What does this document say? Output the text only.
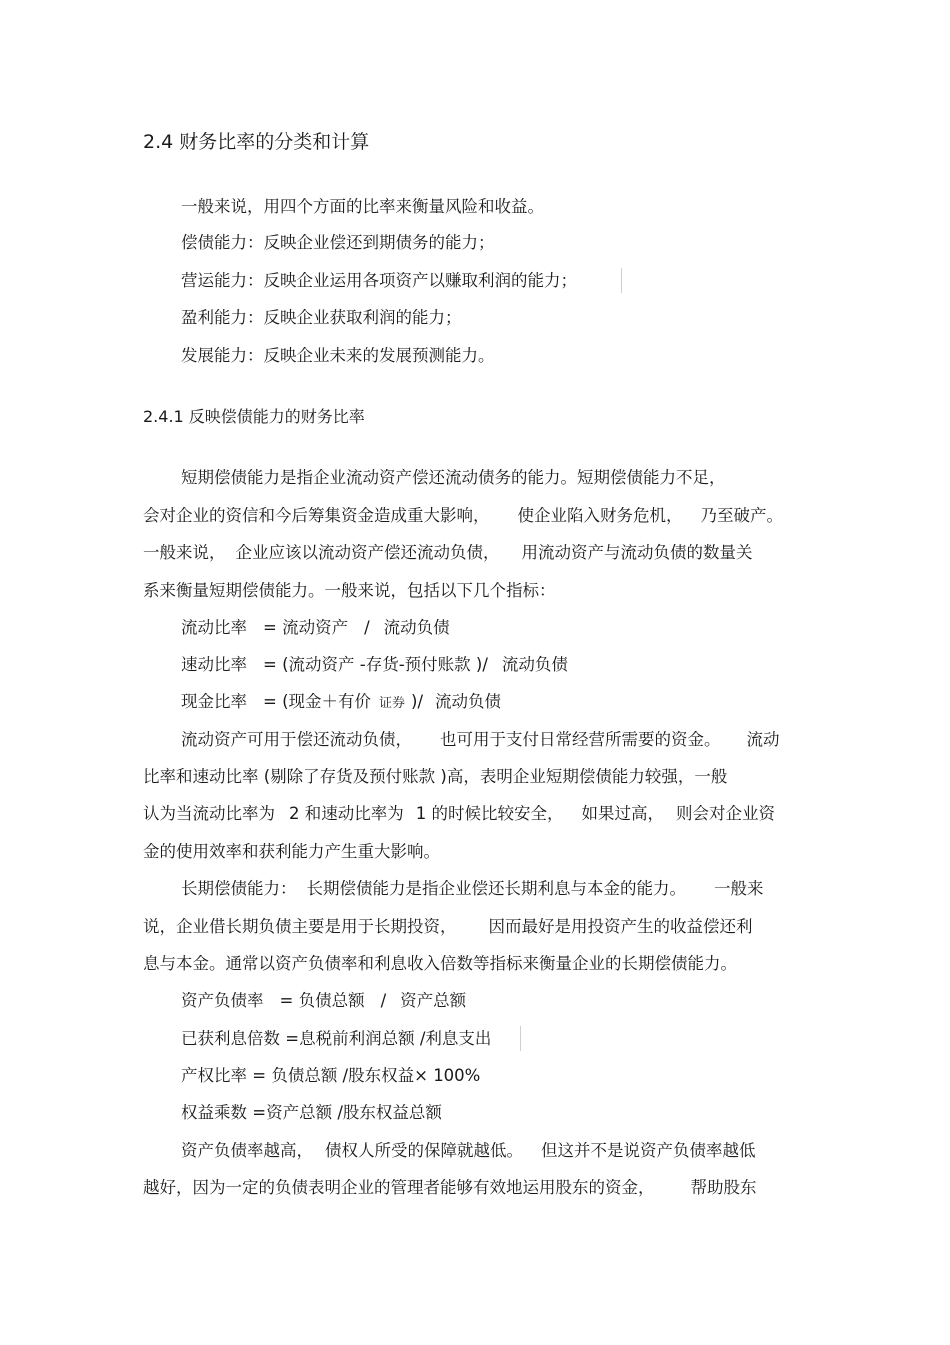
2.4 财务比率的分类和计算
一般来说，用四个方面的比率来衡量风险和收益。
偿债能力：反映企业偿还到期债务的能力；
营运能力：反映企业运用各项资产以赚取利润的能力；
盈利能力：反映企业获取利润的能力；
发展能力：反映企业未来的发展预测能力。
2.4.1 反映偿债能力的财务比率
短期偿债能力是指企业流动资产偿还流动债务的能力。短期偿债能力不足，
会对企业的资信和今后筹集资金造成重大影响， 使企业陷入财务危机， 乃至破产。
一般来说， 企业应该以流动资产偿还流动负债， 用流动资产与流动负债的数量关
系来衡量短期偿债能力。一般来说，包括以下几个指标：
流动比率 = 流动资产 / 流动负债
速动比率 = (流动资产 -存货-预付账款 )/ 流动负债
现金比率 = (现金＋有价 证券 )/ 流动负债
流动资产可用于偿还流动负债， 也可用于支付日常经营所需要的资金。 流动
比率和速动比率 (剔除了存货及预付账款 )高，表明企业短期偿债能力较强，一般
认为当流动比率为 2 和速动比率为 1 的时候比较安全， 如果过高， 则会对企业资
金的使用效率和获利能力产生重大影响。
长期偿债能力： 长期偿债能力是指企业偿还长期利息与本金的能力。 一般来
说，企业借长期负债主要是用于长期投资， 因而最好是用投资产生的收益偿还利
息与本金。通常以资产负债率和利息收入倍数等指标来衡量企业的长期偿债能力。
资产负债率 = 负债总额 / 资产总额
已获利息倍数 =息税前利润总额 /利息支出
产权比率 = 负债总额 /股东权益× 100%
权益乘数 =资产总额 /股东权益总额
资产负债率越高， 债权人所受的保障就越低。 但这并不是说资产负债率越低
越好，因为一定的负债表明企业的管理者能够有效地运用股东的资金， 帮助股东
